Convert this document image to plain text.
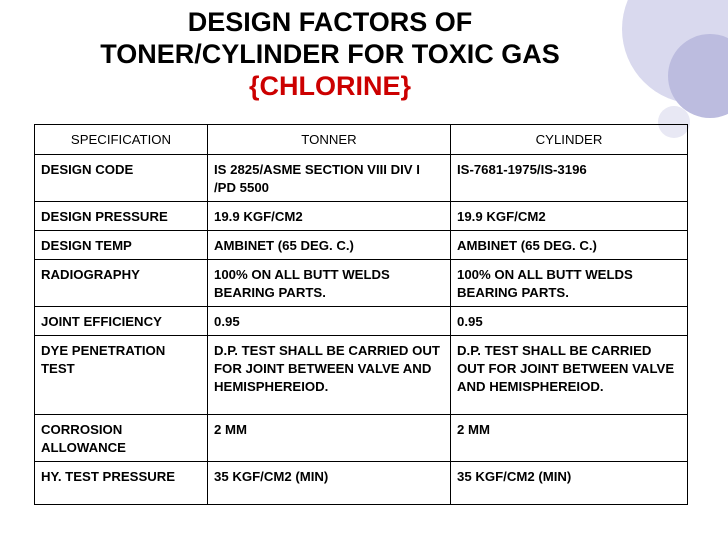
DESIGN FACTORS OF
TONER/CYLINDER FOR TOXIC GAS
{CHLORINE}
SPECIFICATION	TONNER	CYLINDER
DESIGN CODE	IS 2825/ASME SECTION VIII DIV I /PD 5500	IS-7681-1975/IS-3196
DESIGN PRESSURE	19.9 KGF/CM2	19.9 KGF/CM2
DESIGN TEMP	AMBINET (65 DEG. C.)	AMBINET (65 DEG. C.)
RADIOGRAPHY	100% ON ALL BUTT WELDS BEARING PARTS.	100% ON ALL BUTT WELDS BEARING PARTS.
JOINT EFFICIENCY	0.95	0.95
DYE PENETRATION TEST	D.P. TEST SHALL BE CARRIED OUT FOR JOINT BETWEEN VALVE AND HEMISPHEREIOD.	D.P. TEST SHALL BE CARRIED OUT FOR JOINT BETWEEN VALVE AND HEMISPHEREIOD.
CORROSION ALLOWANCE	2 MM	2 MM
HY. TEST PRESSURE	35 KGF/CM2 (MIN)	35 KGF/CM2 (MIN)
